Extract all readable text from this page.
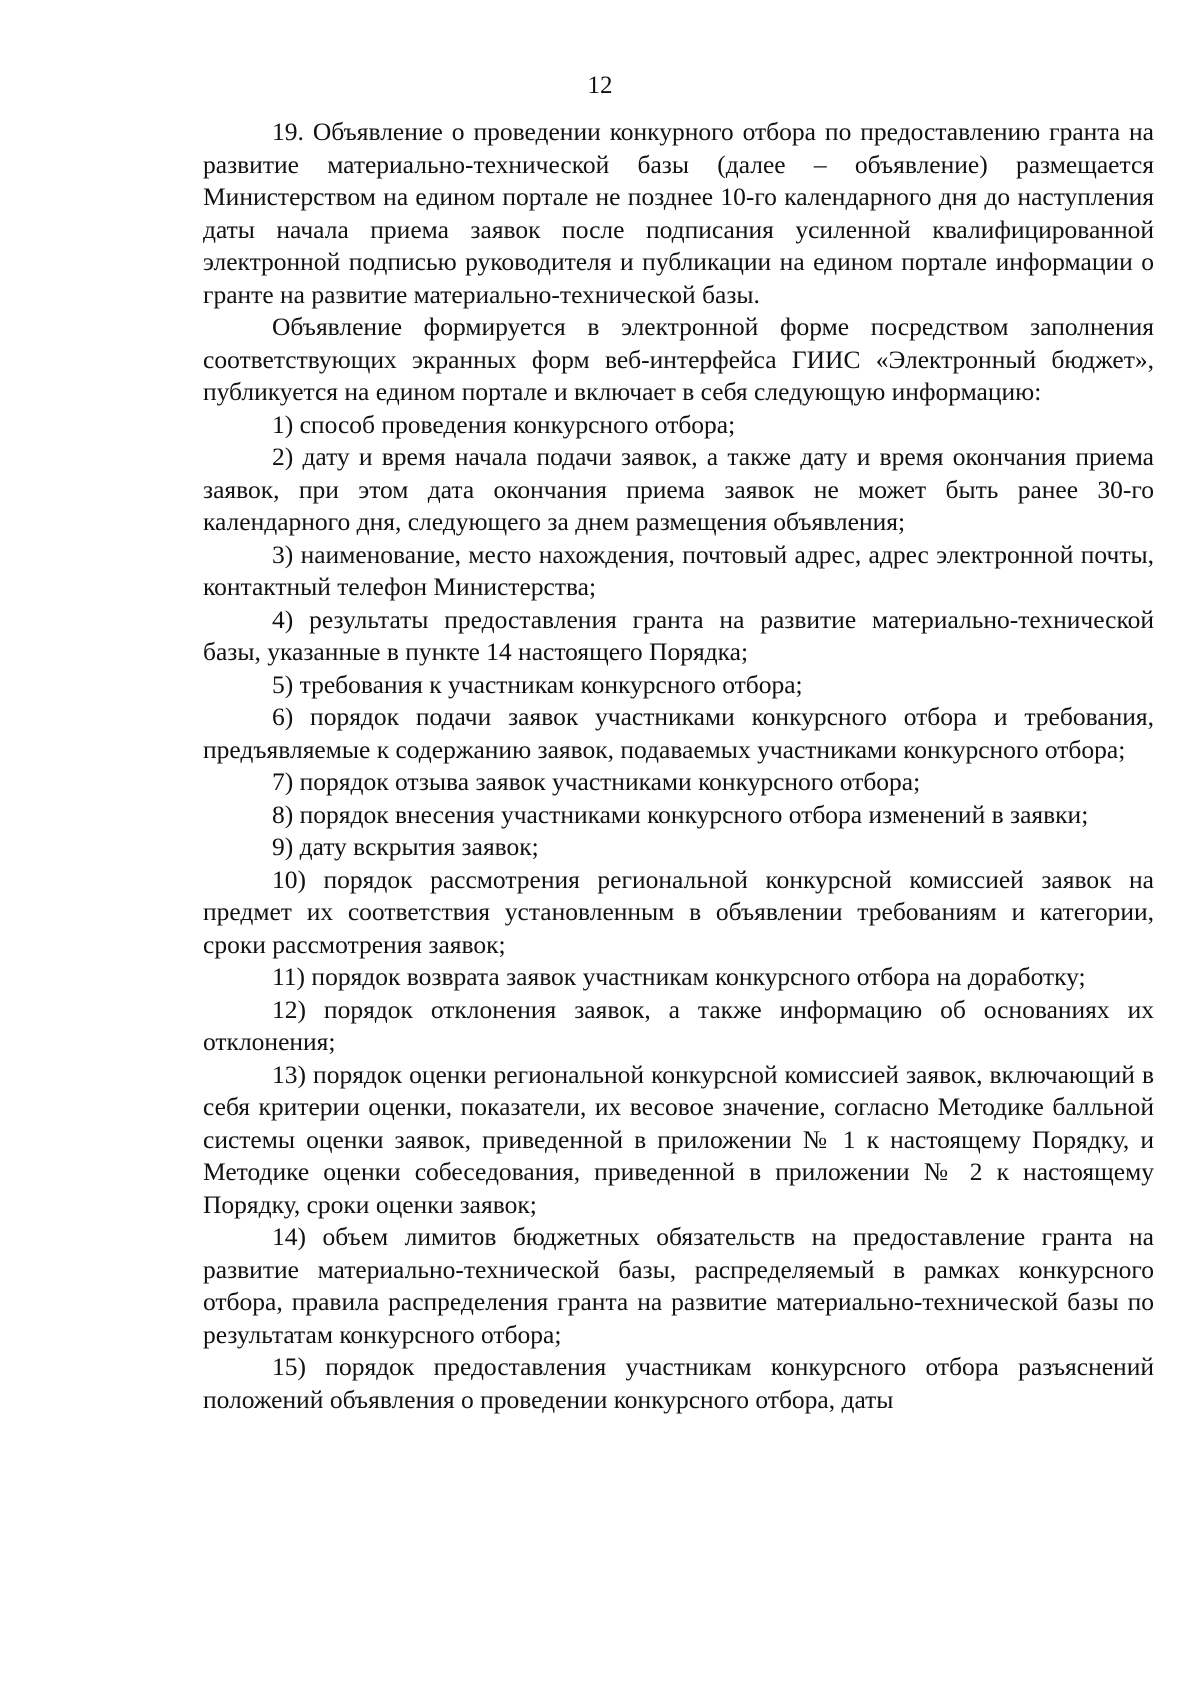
12

19. Объявление о проведении конкурного отбора по предоставлению гранта на развитие материально-технической базы (далее – объявление) размещается Министерством на едином портале не позднее 10-го календарного дня до наступления даты начала приема заявок после подписания усиленной квалифицированной электронной подписью руководителя и публикации на едином портале информации о гранте на развитие материально-технической базы.

Объявление формируется в электронной форме посредством заполнения соответствующих экранных форм веб-интерфейса ГИИС «Электронный бюджет», публикуется на едином портале и включает в себя следующую информацию:

1) способ проведения конкурсного отбора;

2) дату и время начала подачи заявок, а также дату и время окончания приема заявок, при этом дата окончания приема заявок не может быть ранее 30-го календарного дня, следующего за днем размещения объявления;

3) наименование, место нахождения, почтовый адрес, адрес электронной почты, контактный телефон Министерства;

4) результаты предоставления гранта на развитие материально-технической базы, указанные в пункте 14 настоящего Порядка;

5) требования к участникам конкурсного отбора;

6) порядок подачи заявок участниками конкурсного отбора и требования, предъявляемые к содержанию заявок, подаваемых участниками конкурсного отбора;

7) порядок отзыва заявок участниками конкурсного отбора;

8) порядок внесения участниками конкурсного отбора изменений в заявки;

9) дату вскрытия заявок;

10) порядок рассмотрения региональной конкурсной комиссией заявок на предмет их соответствия установленным в объявлении требованиям и категории, сроки рассмотрения заявок;

11) порядок возврата заявок участникам конкурсного отбора на доработку;

12) порядок отклонения заявок, а также информацию об основаниях их отклонения;

13) порядок оценки региональной конкурсной комиссией заявок, включающий в себя критерии оценки, показатели, их весовое значение, согласно Методике балльной системы оценки заявок, приведенной в приложении № 1 к настоящему Порядку, и Методике оценки собеседования, приведенной в приложении № 2 к настоящему Порядку, сроки оценки заявок;

14) объем лимитов бюджетных обязательств на предоставление гранта на развитие материально-технической базы, распределяемый в рамках конкурсного отбора, правила распределения гранта на развитие материально-технической базы по результатам конкурсного отбора;

15) порядок предоставления участникам конкурсного отбора разъяснений положений объявления о проведении конкурсного отбора, даты
